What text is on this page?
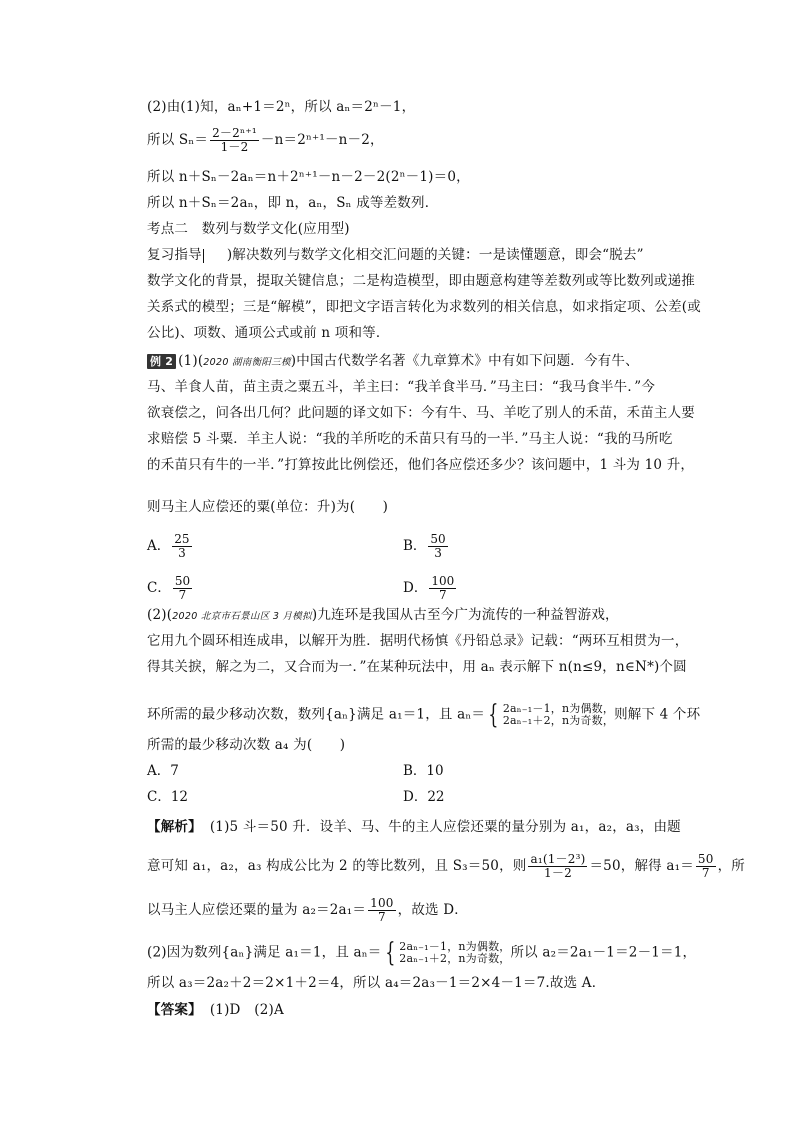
(2)由(1)知，aₙ+1＝2ⁿ，所以 aₙ＝2ⁿ－1，
所以 $S_n= \frac{\text{2－2ⁿ⁺¹}}{1-2} -n=2^{n+1}-n-2$，
所以 n＋Sₙ－2aₙ＝n＋2ⁿ⁺¹－n－2－2(2ⁿ－1)＝0，
所以 n＋Sₙ＝2aₙ，即 n，aₙ，Sₙ 成等差数列．
考点二　数列与数学文化(应用型)
复习指导 )解决数列与数学文化相交汇问题的关键：一是读懂题意，即会“脱去”
数学文化的背景，提取关键信息；二是构造模型，即由题意构建等差数列或等比数列或递推
关系式的模型；三是“解模”，即把文字语言转化为求数列的相关信息，如求指定项、公差(或
公比)、项数、通项公式或前 n 项和等．
例 2 (1)(2020 湖南衡阳三模)中国古代数学名著《九章算术》中有如下问题．今有牛、
马、羊食人苗，苗主责之粟五斗，羊主曰：“我羊食半马．”马主曰：“我马食半牛．”今
欲衰偿之，问各出几何？此问题的译文如下：今有牛、马、羊吃了别人的禾苗，禾苗主人要
求赔偿 5 斗粟．羊主人说：“我的羊所吃的禾苗只有马的一半．”马主人说：“我的马所吃
的禾苗只有牛的一半．”打算按此比例偿还，他们各应偿还多少？该问题中，1 斗为 10 升，
则马主人应偿还的粟(单位：升)为(　　)
A． $\frac{25}{3}$	B． $\frac{50}{3}$
C． $\frac{50}{7}$	D． $\frac{100}{7}$
(2)(2020 北京市石景山区 3 月模拟)九连环是我国从古至今广为流传的一种益智游戏，
它用九个圆环相连成串，以解开为胜．据明代杨慎《丹铅总录》记载：“两环互相贯为一，
得其关捩，解之为二，又合而为一．”在某种玩法中，用 aₙ 表示解下 n(n≤9，n∈N*)个圆
环所需的最少移动次数，数列{aₙ}满足 a₁＝1，且 aₙ＝ { 2aₙ₋₁－1，n为偶数，
2aₙ₋₁＋2，n为奇数， 则解下 4 个环
所需的最少移动次数 a₄ 为(　　)
A．7	B．10
C．12	D．22
【解析】 (1)5 斗＝50 升．设羊、马、牛的主人应偿还粟的量分别为 a₁，a₂，a₃，由题
意可知 a₁，a₂，a₃ 构成公比为 2 的等比数列，且 S₃＝50，则 $\frac{\text{a₁(1－2³)}}{1-2} =50$，解得 $a_1= \frac{50}{7}$ ，所
以马主人应偿还粟的量为 $a_2=2a_1= \frac{100}{7}$ ，故选 D．
(2)因为数列{aₙ}满足 a₁＝1，且 aₙ＝ { 2aₙ₋₁－1，n为偶数，
2aₙ₋₁＋2，n为奇数， 所以 a₂＝2a₁－1＝2－1＝1，
所以 a₃＝2a₂＋2＝2×1＋2＝4，所以 a₄＝2a₃－1＝2×4－1＝7.故选 A．
【答案】 (1)D　(2)A
